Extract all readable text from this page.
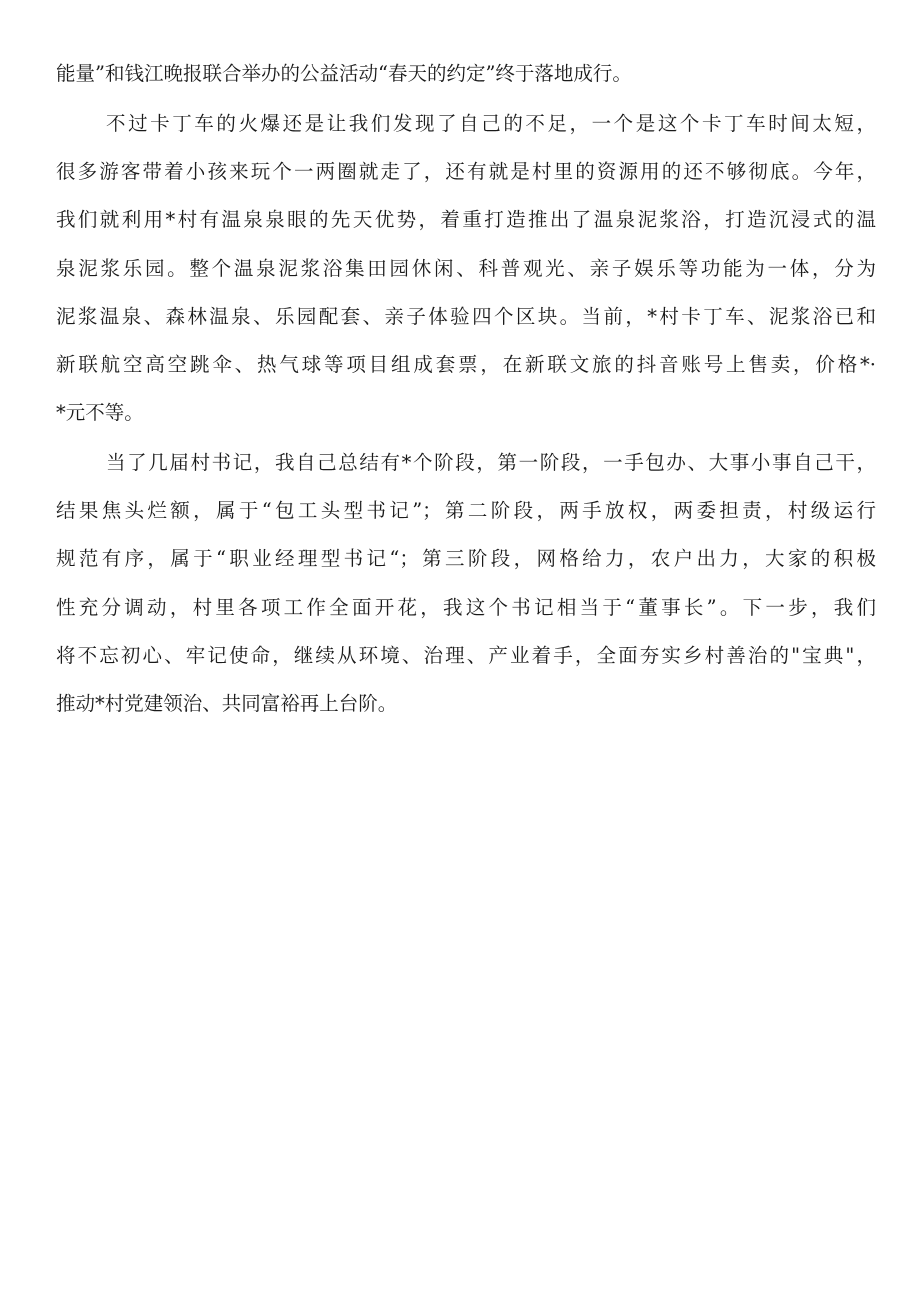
能量”和钱江晚报联合举办的公益活动“春天的约定”终于落地成行。
不过卡丁车的火爆还是让我们发现了自己的不足，一个是这个卡丁车时间太短，
很多游客带着小孩来玩个一两圈就走了，还有就是村里的资源用的还不够彻底。今年，
我们就利用*村有温泉泉眼的先天优势，着重打造推出了温泉泥浆浴，打造沉浸式的温
泉泥浆乐园。整个温泉泥浆浴集田园休闲、科普观光、亲子娱乐等功能为一体，分为
泥浆温泉、森林温泉、乐园配套、亲子体验四个区块。当前，*村卡丁车、泥浆浴已和
新联航空高空跳伞、热气球等项目组成套票，在新联文旅的抖音账号上售卖，价格*·
*元不等。
当了几届村书记，我自己总结有*个阶段，第一阶段，一手包办、大事小事自己干，
结果焦头烂额，属于“包工头型书记”；第二阶段，两手放权，两委担责，村级运行
规范有序，属于“职业经理型书记“；第三阶段，网格给力，农户出力，大家的积极
性充分调动，村里各项工作全面开花，我这个书记相当于“董事长”。下一步，我们
将不忘初心、牢记使命，继续从环境、治理、产业着手，全面夯实乡村善治的"宝典"，
推动*村党建领治、共同富裕再上台阶。
